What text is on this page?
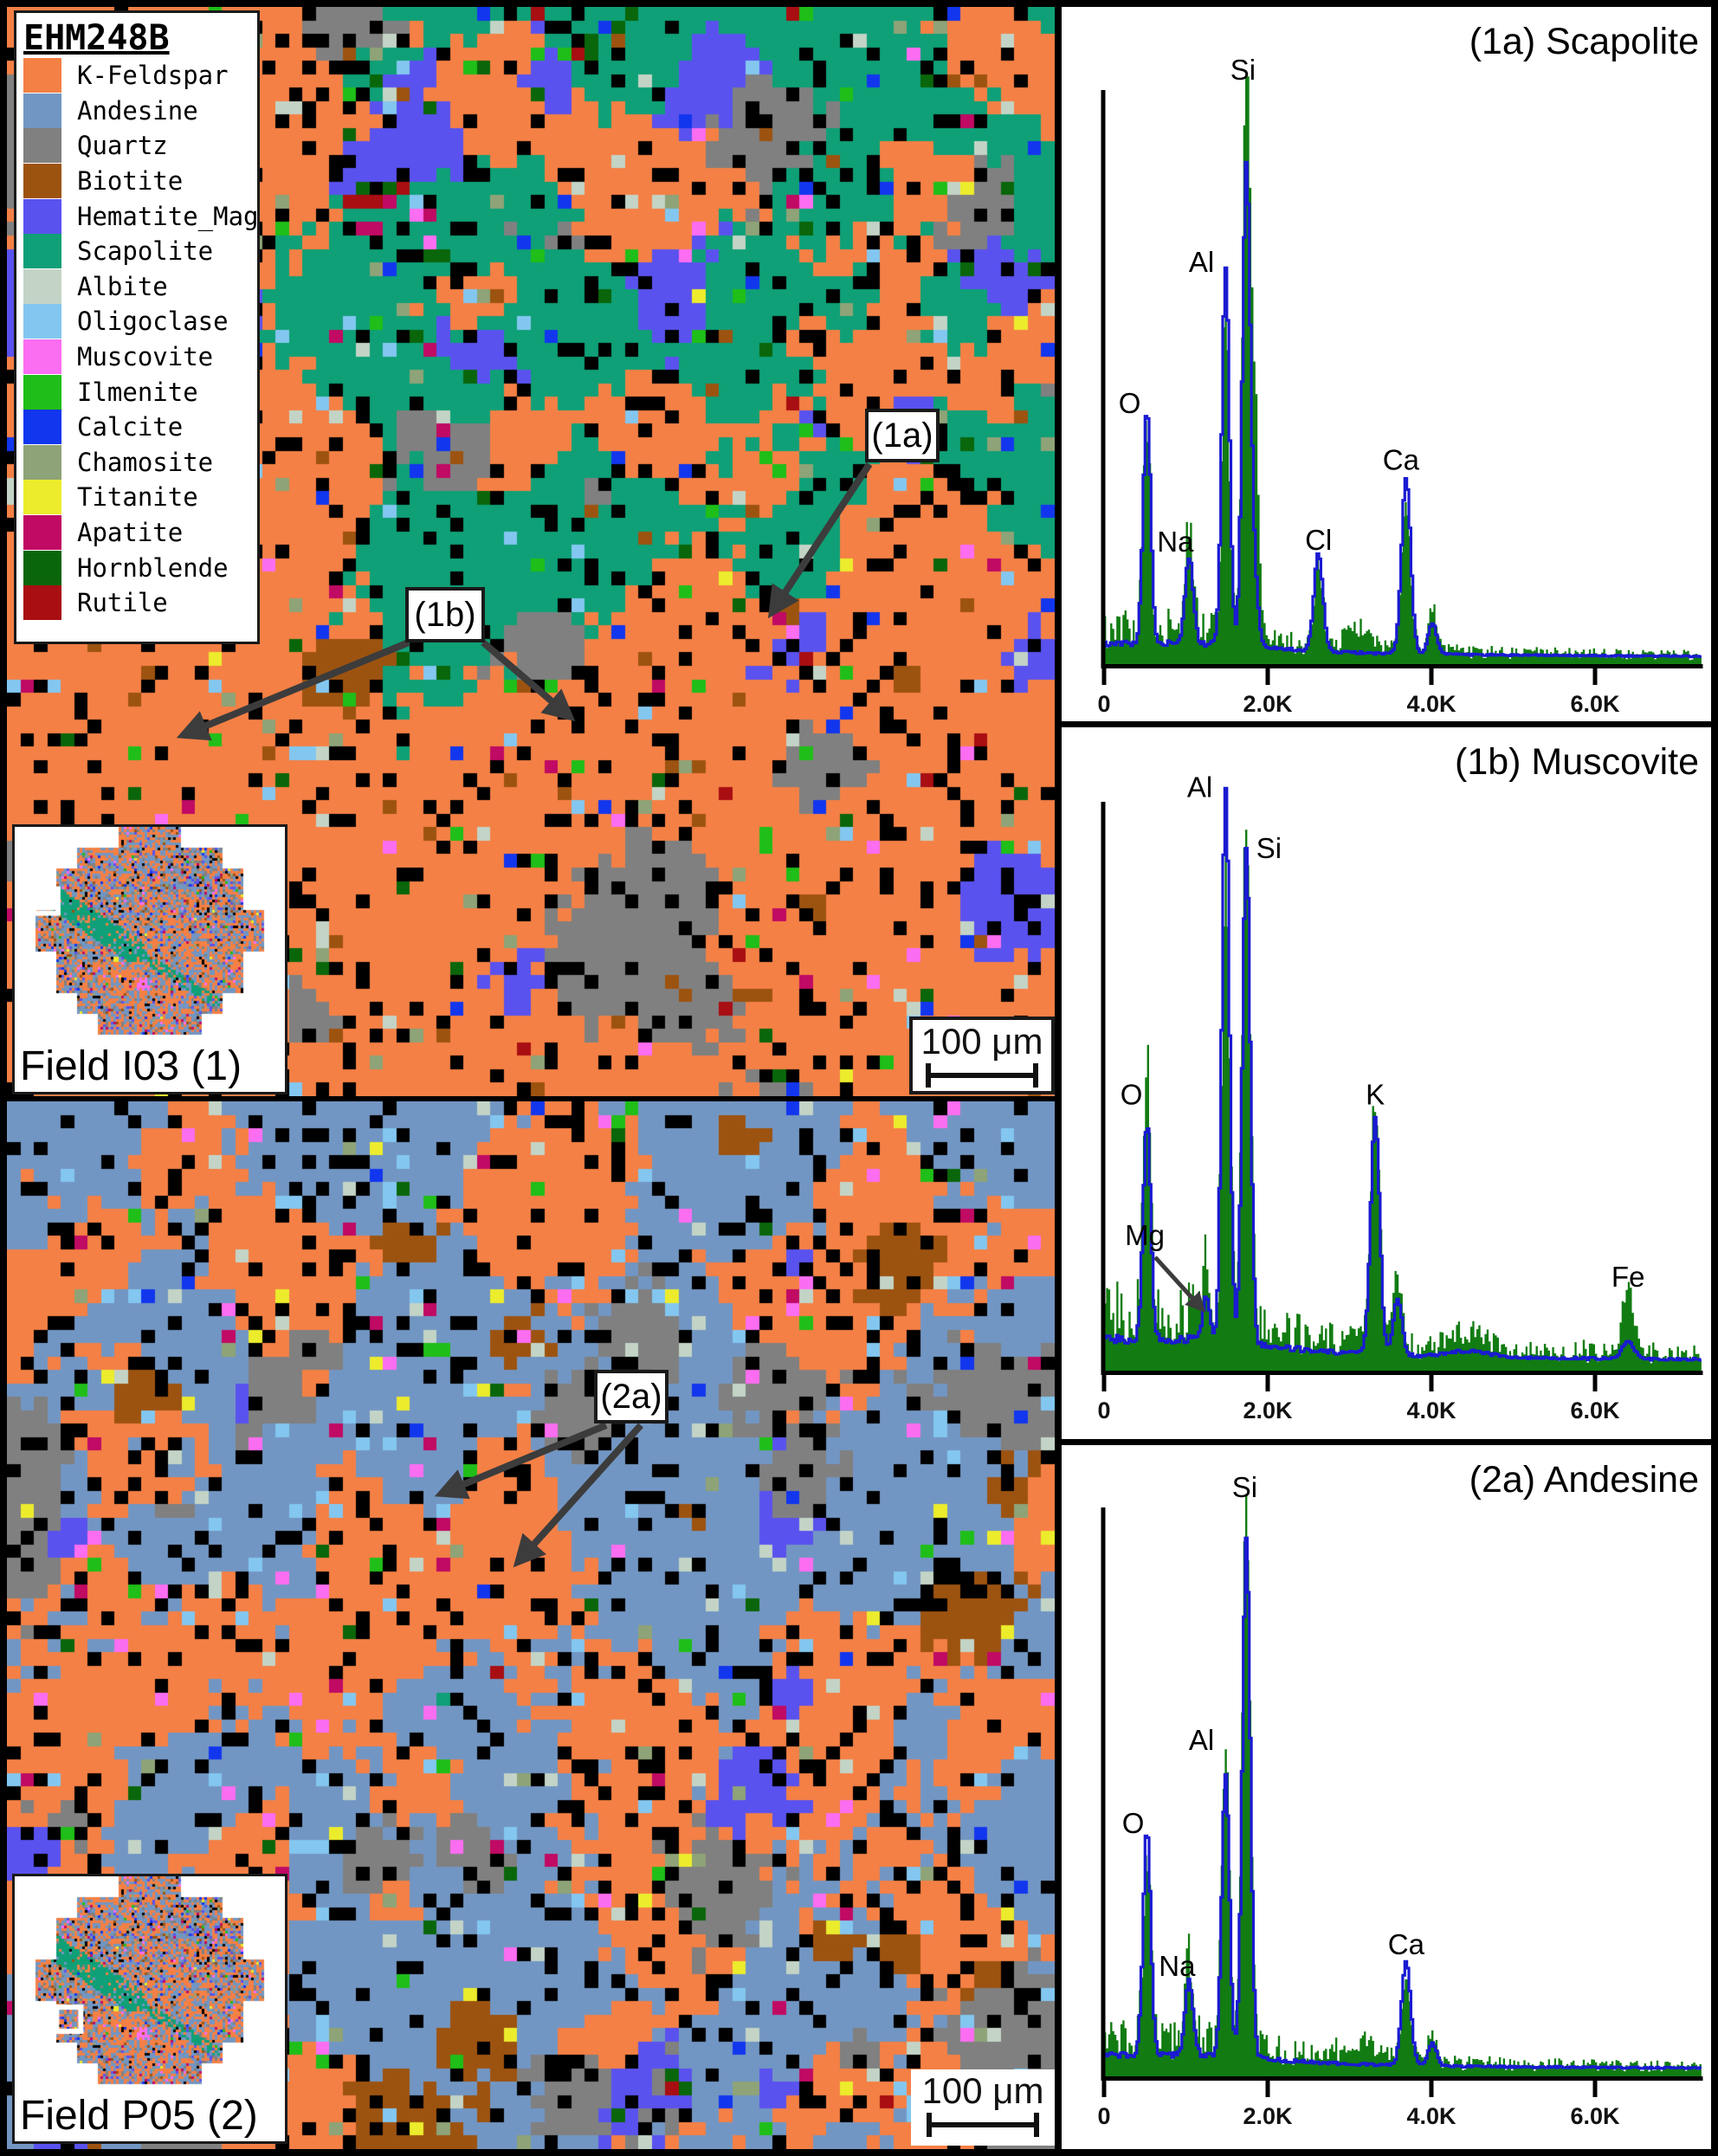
EHM248B
K-Feldspar
Andesine
Quartz
Biotite
Hematite_Mag
Scapolite
Albite
Oligoclase
Muscovite
Ilmenite
Calcite
Chamosite
Titanite
Apatite
Hornblende
Rutile
(1a)
(1b)
(2a)
Field I03 (1)
Field P05 (2)
100 μm
100 μm
0	2.0K	4.0K	6.0K
(1a) Scapolite
O
Na
Al
Si
Cl
Ca
0	2.0K	4.0K	6.0K
(1b) Muscovite
O
Mg
Al
Si
K
Fe
0	2.0K	4.0K	6.0K
(2a) Andesine
O
Na
Al
Si
Ca
